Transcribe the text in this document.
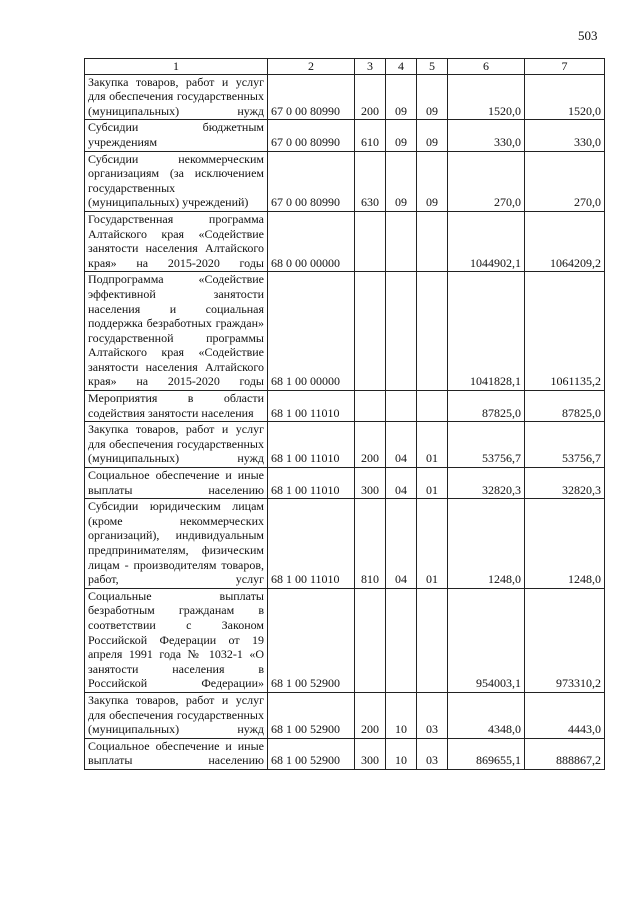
503
1	2	3	4	5	6	7
Закупка товаров, работ и услуг для обеспечения государственных (муниципальных) нужд	67 0 00 80990	200	09	09	1520,0	1520,0
Субсидии бюджетным учреждениям	67 0 00 80990	610	09	09	330,0	330,0
Субсидии некоммерческим организациям (за исключением государственных (муниципальных) учреждений)	67 0 00 80990	630	09	09	270,0	270,0
Государственная программа Алтайского края «Содействие занятости населения Алтайского края» на 2015-2020 годы	68 0 00 00000				1044902,1	1064209,2
Подпрограмма «Содействие эффективной занятости населения и социальная поддержка безработных граждан» государственной программы Алтайского края «Содействие занятости населения Алтайского края» на 2015-2020 годы	68 1 00 00000				1041828,1	1061135,2
Мероприятия в области содействия занятости населения	68 1 00 11010				87825,0	87825,0
Закупка товаров, работ и услуг для обеспечения государственных (муниципальных) нужд	68 1 00 11010	200	04	01	53756,7	53756,7
Социальное обеспечение и иные выплаты населению	68 1 00 11010	300	04	01	32820,3	32820,3
Субсидии юридическим лицам (кроме некоммерческих организаций), индивидуальным предпринимателям, физическим лицам - производителям товаров, работ, услуг	68 1 00 11010	810	04	01	1248,0	1248,0
Социальные выплаты безработным гражданам в соответствии с Законом Российской Федерации от 19 апреля 1991 года № 1032-1 «О занятости населения в Российской Федерации»	68 1 00 52900				954003,1	973310,2
Закупка товаров, работ и услуг для обеспечения государственных (муниципальных) нужд	68 1 00 52900	200	10	03	4348,0	4443,0
Социальное обеспечение и иные выплаты населению	68 1 00 52900	300	10	03	869655,1	888867,2
